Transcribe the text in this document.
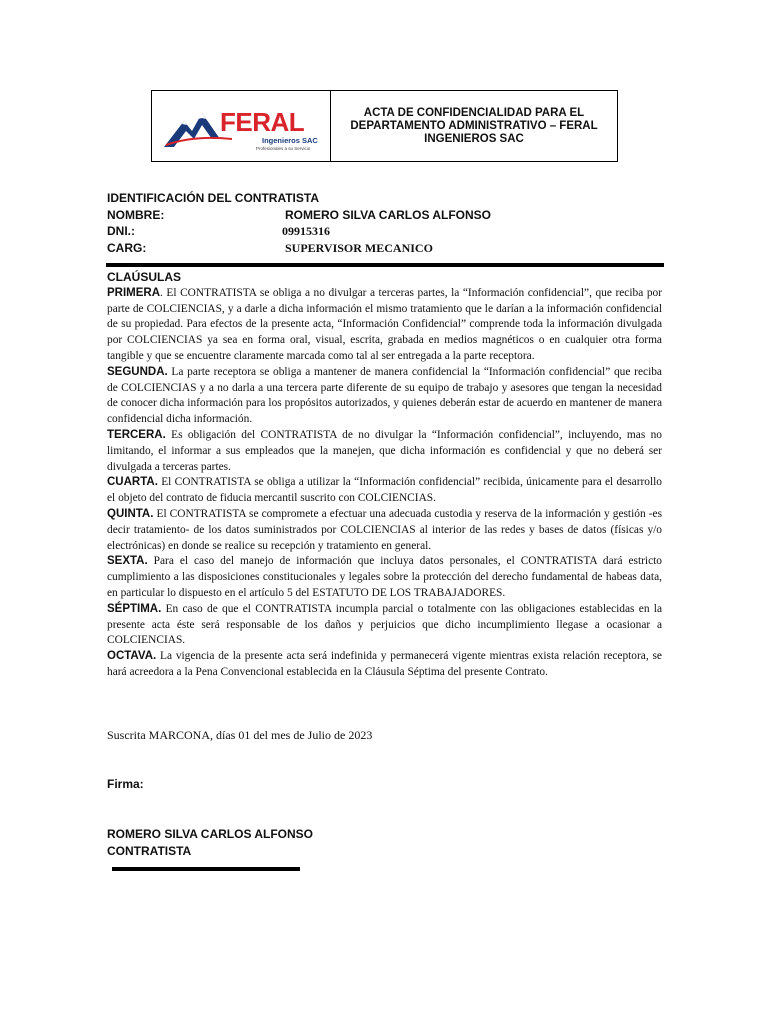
FERAL
Ingenieros SAC
Profesionales a su Servicio
ACTA DE CONFIDENCIALIDAD PARA EL DEPARTAMENTO ADMINISTRATIVO – FERAL INGENIEROS SAC
IDENTIFICACIÓN DEL CONTRATISTA
NOMBRE:	ROMERO SILVA CARLOS ALFONSO
DNI.:	09915316
CARG:	SUPERVISOR MECANICO
CLAÚSULAS

PRIMERA. El CONTRATISTA se obliga a no divulgar a terceras partes, la “Información confidencial”, que reciba por parte de COLCIENCIAS, y a darle a dicha información el mismo tratamiento que le darían a la información confidencial de su propiedad. Para efectos de la presente acta, “Información Confidencial” comprende toda la información divulgada por COLCIENCIAS ya sea en forma oral, visual, escrita, grabada en medios magnéticos o en cualquier otra forma tangible y que se encuentre claramente marcada como tal al ser entregada a la parte receptora.

SEGUNDA. La parte receptora se obliga a mantener de manera confidencial la “Información confidencial” que reciba de COLCIENCIAS y a no darla a una tercera parte diferente de su equipo de trabajo y asesores que tengan la necesidad de conocer dicha información para los propósitos autorizados, y quienes deberán estar de acuerdo en mantener de manera confidencial dicha información.

TERCERA. Es obligación del CONTRATISTA de no divulgar la “Información confidencial”, incluyendo, mas no limitando, el informar a sus empleados que la manejen, que dicha información es confidencial y que no deberá ser divulgada a terceras partes.

CUARTA. El CONTRATISTA se obliga a utilizar la “Información confidencial” recibida, únicamente para el desarrollo el objeto del contrato de fiducia mercantil suscrito con COLCIENCIAS.

QUINTA. El CONTRATISTA se compromete a efectuar una adecuada custodia y reserva de la información y gestión -es decir tratamiento- de los datos suministrados por COLCIENCIAS al interior de las redes y bases de datos (físicas y/o electrónicas) en donde se realice su recepción y tratamiento en general.

SEXTA. Para el caso del manejo de información que incluya datos personales, el CONTRATISTA dará estricto cumplimiento a las disposiciones constitucionales y legales sobre la protección del derecho fundamental de habeas data, en particular lo dispuesto en el artículo 5 del ESTATUTO DE LOS TRABAJADORES.

SÉPTIMA. En caso de que el CONTRATISTA incumpla parcial o totalmente con las obligaciones establecidas en la presente acta éste será responsable de los daños y perjuicios que dicho incumplimiento llegase a ocasionar a COLCIENCIAS.

OCTAVA. La vigencia de la presente acta será indefinida y permanecerá vigente mientras exista relación receptora, se hará acreedora a la Pena Convencional establecida en la Cláusula Séptima del presente Contrato.

Suscrita MARCONA, días 01 del mes de Julio de 2023
Firma:
ROMERO SILVA CARLOS ALFONSO
CONTRATISTA
